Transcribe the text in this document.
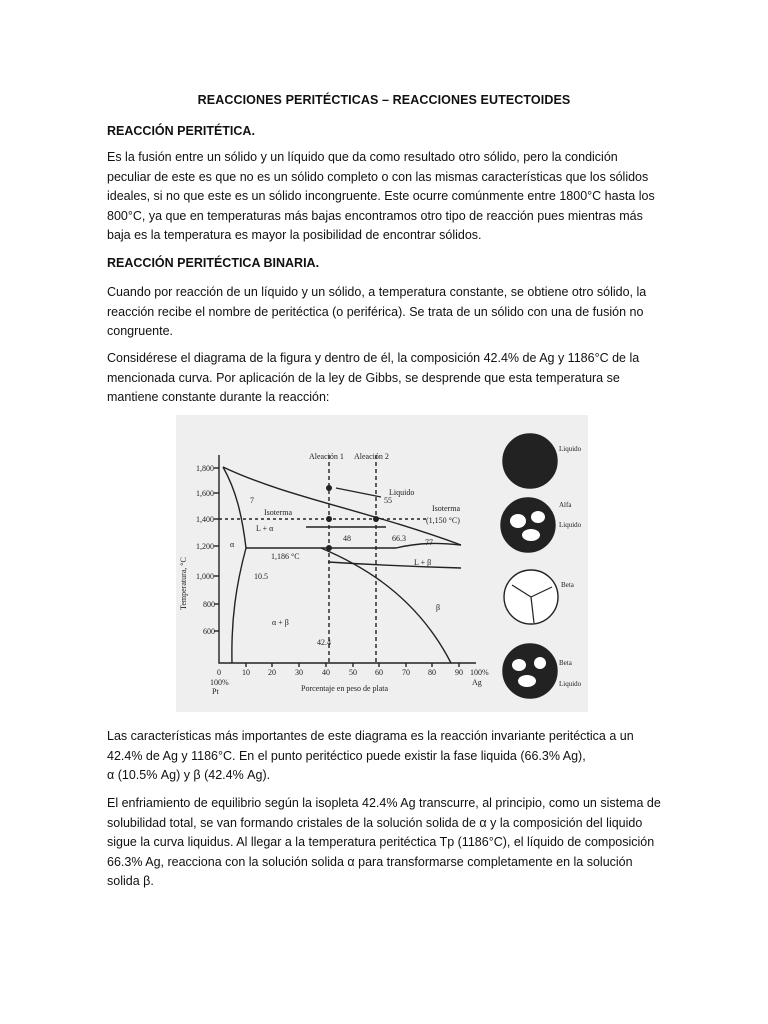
REACCIONES PERITÉCTICAS – REACCIONES EUTECTOIDES
REACCIÓN PERITÉTICA.
Es la fusión entre un sólido y un líquido que da como resultado otro sólido, pero la condición peculiar de este es que no es un sólido completo o con las mismas características que los sólidos ideales, si no que este es un sólido incongruente. Este ocurre comúnmente entre 1800°C hasta los 800°C, ya que en temperaturas más bajas encontramos otro tipo de reacción pues mientras más baja es la temperatura es mayor la posibilidad de encontrar sólidos.
REACCIÓN PERITÉCTICA BINARIA.
Cuando por reacción de un líquido y un sólido, a temperatura constante, se obtiene otro sólido, la reacción recibe el nombre de peritéctica (o periférica). Se trata de un sólido con una de fusión no congruente.
Considérese el diagrama de la figura y dentro de él, la composición 42.4% de Ag y 1186°C de la mencionada curva. Por aplicación de la ley de Gibbs, se desprende que esta temperatura se mantiene constante durante la reacción:
Aleación 1 Aleación 2
Temperatura, °C
1,800
1,600
1,400
1,200
1,000
800
600
0	10 20 30 40 50 60 70 80 90 100%
100%
Pt
Ag
Porcentaje en peso de plata
Liquido
Isoterma	Isoterma
(1,150 °C)
L + α
L + β
α
β
α + β
1,186 °C
7	55
48	66.3 77
10.5
42.4
Liquido
Alfa
Liquido
Beta
Beta
Liquido
Las características más importantes de este diagrama es la reacción invariante peritéctica a un 42.4% de Ag y 1186°C. En el punto peritéctico puede existir la fase liquida (66.3% Ag),
α (10.5% Ag) y β (42.4% Ag).
El enfriamiento de equilibrio según la isopleta 42.4% Ag transcurre, al principio, como un sistema de solubilidad total, se van formando cristales de la solución solida de α y la composición del liquido sigue la curva liquidus. Al llegar a la temperatura peritéctica Tp (1186°C), el líquido de composición 66.3% Ag, reacciona con la solución solida α para transformarse completamente en la solución solida β.
